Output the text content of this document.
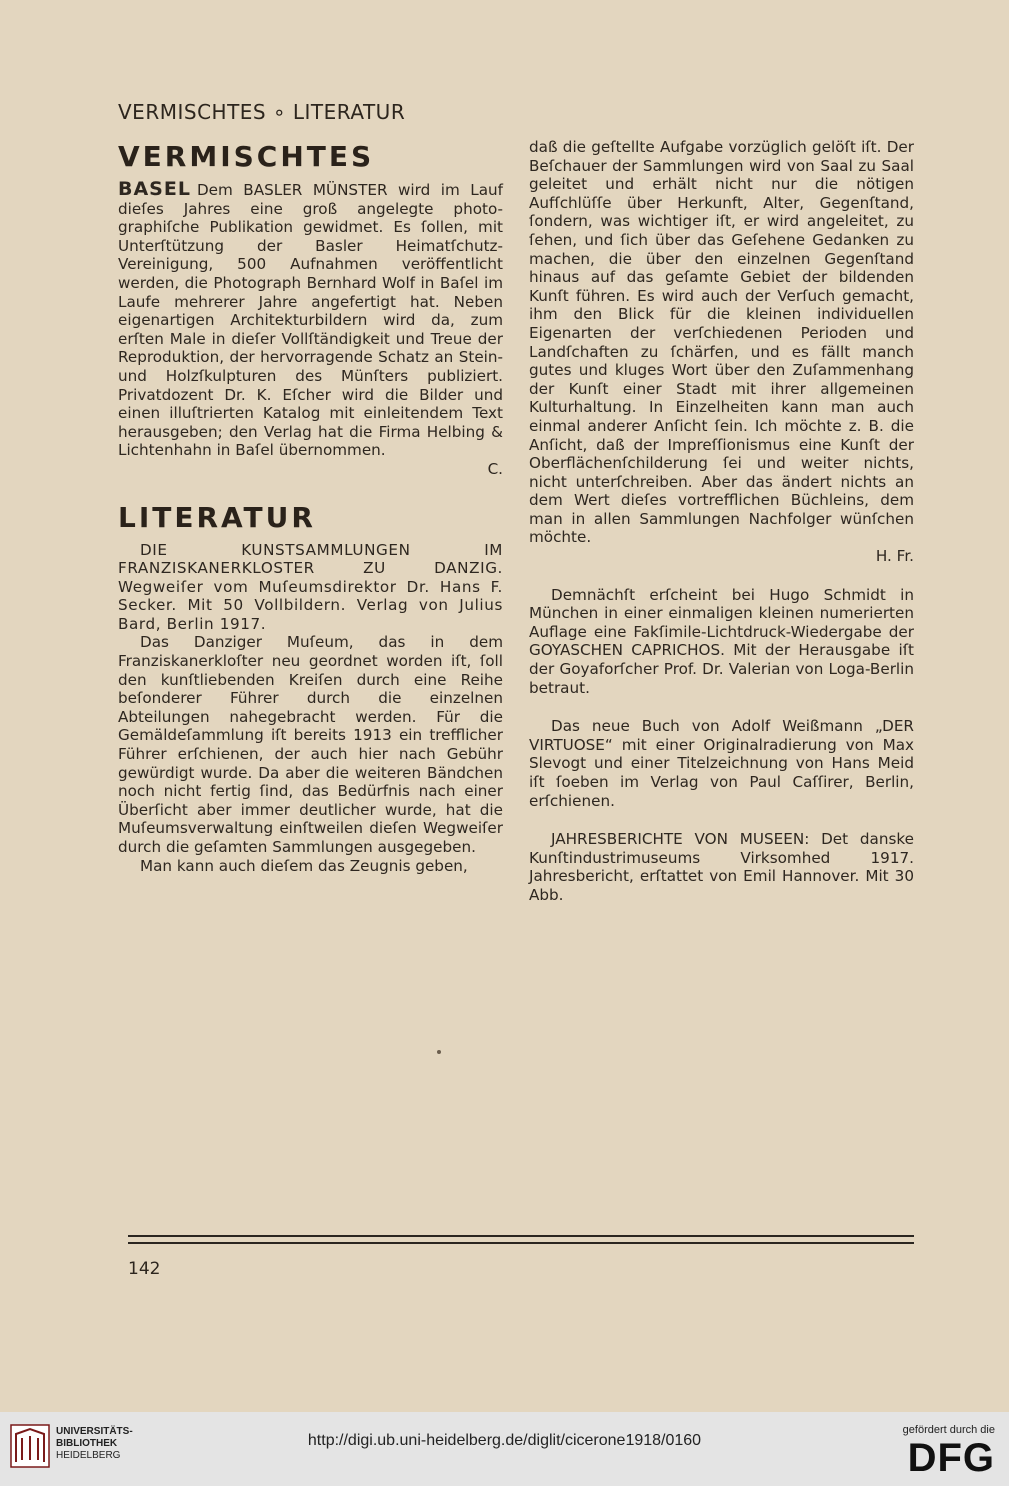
VERMISCHTES ∘ LITERATUR
VERMISCHTES

BASEL Dem BASLER MÜNSTER wird im Lauf dieſes Jahres eine groß angelegte photo-graphiſche Publikation gewidmet. Es ſollen, mit Unterſtützung der Basler Heimatſchutz-Vereinigung, 500 Aufnahmen veröffentlicht werden, die Photograph Bernhard Wolf in Baſel im Laufe mehrerer Jahre angefertigt hat. Neben eigenartigen Architekturbildern wird da, zum erſten Male in dieſer Vollſtändigkeit und Treue der Reproduktion, der hervorragende Schatz an Stein- und Holzſkulpturen des Münſters publiziert. Privatdozent Dr. K. Eſcher wird die Bilder und einen illuſtrierten Katalog mit einleitendem Text herausgeben; den Verlag hat die Firma Helbing & Lichtenhahn in Baſel übernommen.

C.

LITERATUR

DIE KUNSTSAMMLUNGEN IM FRANZISKANERKLOSTER ZU DANZIG. Wegweiſer vom Muſeumsdirektor Dr. Hans F. Secker. Mit 50 Vollbildern. Verlag von Julius Bard, Berlin 1917.

Das Danziger Muſeum, das in dem Franziskanerkloſter neu geordnet worden iſt, ſoll den kunſtliebenden Kreiſen durch eine Reihe beſonderer Führer durch die einzelnen Abteilungen nahegebracht werden. Für die Gemäldeſammlung iſt bereits 1913 ein trefflicher Führer erſchienen, der auch hier nach Gebühr gewürdigt wurde. Da aber die weiteren Bändchen noch nicht fertig ſind, das Bedürfnis nach einer Überſicht aber immer deutlicher wurde, hat die Muſeumsverwaltung einſtweilen dieſen Wegweiſer durch die geſamten Sammlungen ausgegeben.

Man kann auch dieſem das Zeugnis geben,

daß die geſtellte Aufgabe vorzüglich gelöſt iſt. Der Beſchauer der Sammlungen wird von Saal zu Saal geleitet und erhält nicht nur die nötigen Aufſchlüſſe über Herkunft, Alter, Gegenſtand, ſondern, was wichtiger iſt, er wird angeleitet, zu ſehen, und ſich über das Geſehene Gedanken zu machen, die über den einzelnen Gegenſtand hinaus auf das geſamte Gebiet der bildenden Kunſt führen. Es wird auch der Verſuch gemacht, ihm den Blick für die kleinen individuellen Eigenarten der verſchiedenen Perioden und Landſchaften zu ſchärfen, und es fällt manch gutes und kluges Wort über den Zuſammenhang der Kunſt einer Stadt mit ihrer allgemeinen Kulturhaltung. In Einzelheiten kann man auch einmal anderer Anſicht ſein. Ich möchte z. B. die Anſicht, daß der Impreſſionismus eine Kunſt der Oberflächenſchilderung ſei und weiter nichts, nicht unterſchreiben. Aber das ändert nichts an dem Wert dieſes vortrefflichen Büchleins, dem man in allen Sammlungen Nachfolger wünſchen möchte.

H. Fr.

Demnächſt erſcheint bei Hugo Schmidt in München in einer einmaligen kleinen numerierten Auflage eine Fakſimile-Lichtdruck-Wiedergabe der GOYASCHEN CAPRICHOS. Mit der Herausgabe iſt der Goyaforſcher Prof. Dr. Valerian von Loga-Berlin betraut.

Das neue Buch von Adolf Weißmann „DER VIRTUOSE“ mit einer Originalradierung von Max Slevogt und einer Titelzeichnung von Hans Meid iſt ſoeben im Verlag von Paul Caſſirer, Berlin, erſchienen.

JAHRESBERICHTE VON MUSEEN: Det danske Kunſtindustrimuseums Virksomhed 1917. Jahresbericht, erſtattet von Emil Hannover. Mit 30 Abb.

142
UNIVERSITÄTS-
BIBLIOTHEK
HEIDELBERG
http://digi.ub.uni-heidelberg.de/diglit/cicerone1918/0160
gefördert durch die
DFG
